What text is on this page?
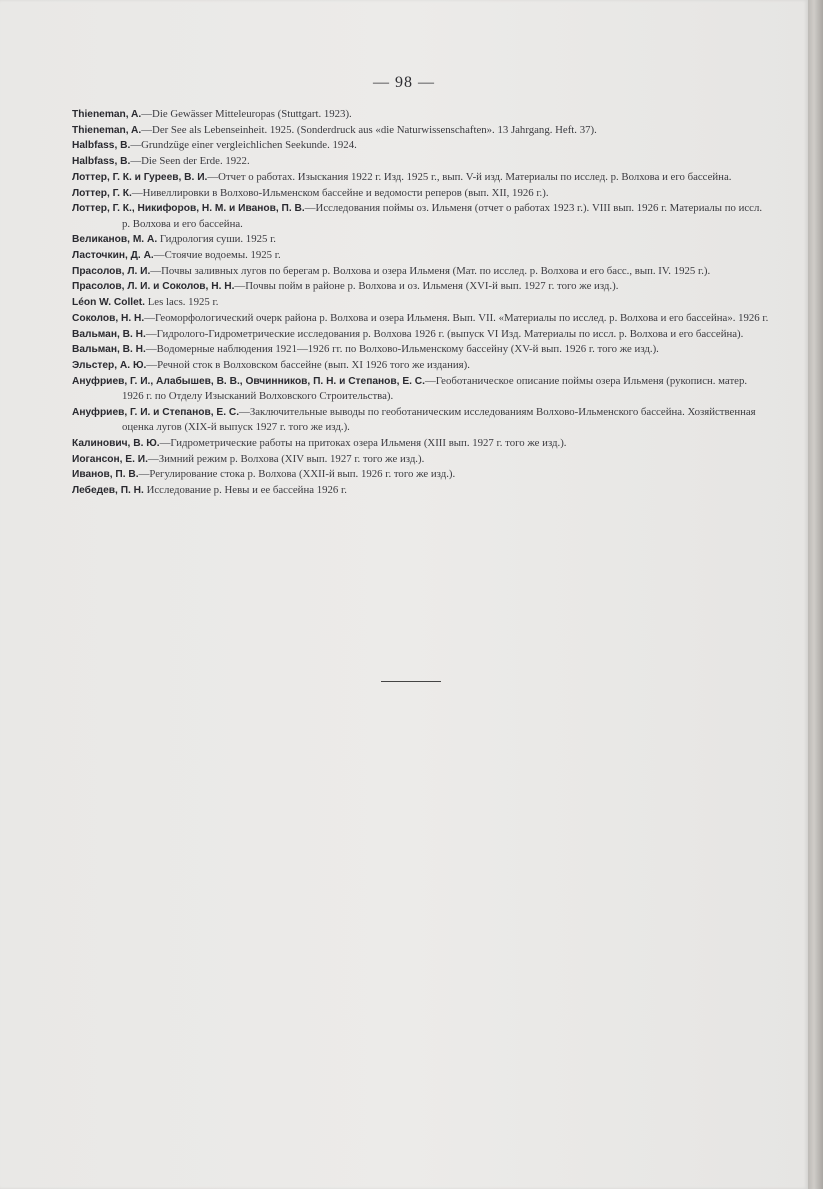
— 98 —
Thieneman, A.—Die Gewässer Mitteleuropas (Stuttgart. 1923).
Thieneman, A.—Der See als Lebenseinheit. 1925. (Sonderdruck aus «die Naturwissenschaften». 13 Jahrgang. Heft. 37).
Halbfass, B.—Grundzüge einer vergleichlichen Seekunde. 1924.
Halbfass, B.—Die Seen der Erde. 1922.
Лоттер, Г. К. и Гуреев, В. И.—Отчет о работах. Изыскания 1922 г. Изд. 1925 г., вып. V-й изд. Материалы по исслед. р. Волхова и его бассейна.
Лоттер, Г. К.—Нивеллировки в Волхово-Ильменском бассейне и ведомости реперов (вып. XII, 1926 г.).
Лоттер, Г. К., Никифоров, Н. М. и Иванов, П. В.—Исследования поймы оз. Ильменя (отчет о работах 1923 г.). VIII вып. 1926 г. Материалы по иссл. р. Волхова и его бассейна.
Великанов, М. А. Гидрология суши. 1925 г.
Ласточкин, Д. А.—Стоячие водоемы. 1925 г.
Прасолов, Л. И.—Почвы заливных лугов по берегам р. Волхова и озера Ильменя (Мат. по исслед. р. Волхова и его басс., вып. IV. 1925 г.).
Прасолов, Л. И. и Соколов, Н. Н.—Почвы пойм в районе р. Волхова и оз. Ильменя (XVI-й вып. 1927 г. того же изд.).
Léon W. Collet. Les lacs. 1925 г.
Соколов, Н. Н.—Геоморфологический очерк района р. Волхова и озера Ильменя. Вып. VII. «Материалы по исслед. р. Волхова и его бассейна». 1926 г.
Вальман, В. Н.—Гидролого-Гидрометрические исследования р. Волхова 1926 г. (выпуск VI Изд. Материалы по иссл. р. Волхова и его бассейна).
Вальман, В. Н.—Водомерные наблюдения 1921—1926 гг. по Волхово-Ильменскому бассейну (XV-й вып. 1926 г. того же изд.).
Эльстер, А. Ю.—Речной сток в Волховском бассейне (вып. XI 1926 того же издания).
Ануфриев, Г. И., Алабышев, В. В., Овчинников, П. Н. и Степанов, Е. С.—Геоботаническое описание поймы озера Ильменя (рукописн. матер. 1926 г. по Отделу Изысканий Волховского Строительства).
Ануфриев, Г. И. и Степанов, Е. С.—Заключительные выводы по геоботаническим исследованиям Волхово-Ильменского бассейна. Хозяйственная оценка лугов (XIX-й выпуск 1927 г. того же изд.).
Калинович, В. Ю.—Гидрометрические работы на притоках озера Ильменя (XIII вып. 1927 г. того же изд.).
Иогансон, Е. И.—Зимний режим р. Волхова (XIV вып. 1927 г. того же изд.).
Иванов, П. В.—Регулирование стока р. Волхова (XXII-й вып. 1926 г. того же изд.).
Лебедев, П. Н. Исследование р. Невы и ее бассейна 1926 г.
